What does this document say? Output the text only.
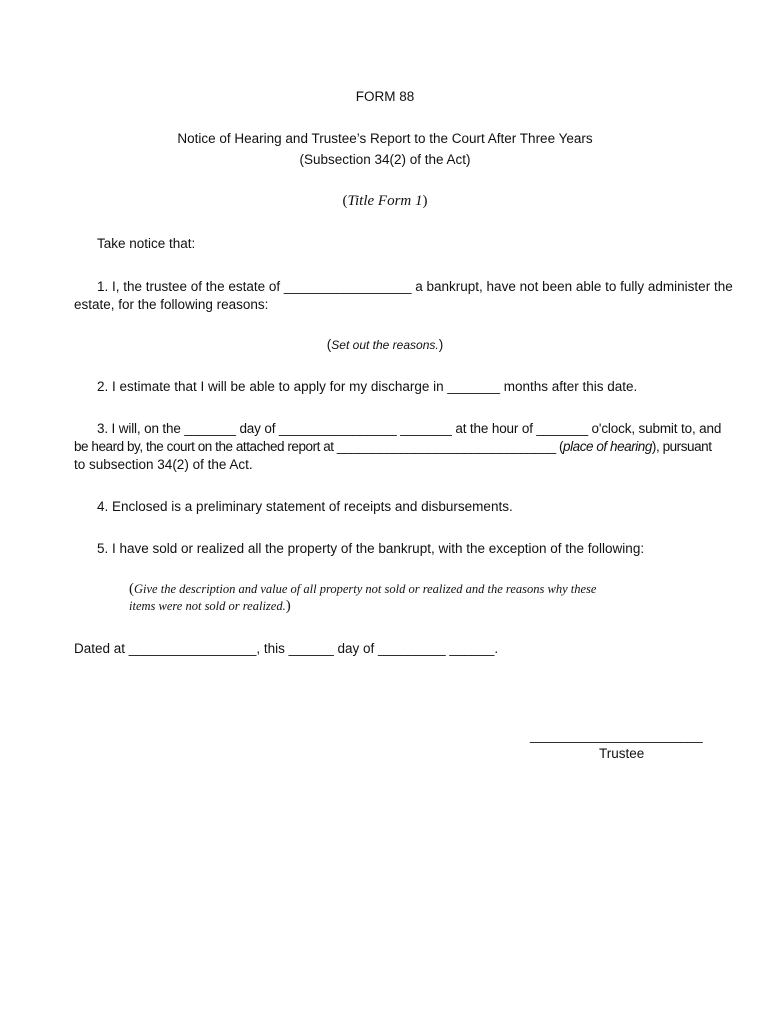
FORM 88
Notice of Hearing and Trustee’s Report to the Court After Three Years
(Subsection 34(2) of the Act)
(Title Form 1)
Take notice that:
1. I, the trustee of the estate of _________________ a bankrupt, have not been able to fully administer the
estate, for the following reasons:
(Set out the reasons.)
2. I estimate that I will be able to apply for my discharge in _______ months after this date.
3. I will, on the _______ day of ________________ _______ at the hour of _______ o'clock, submit to, and
be heard by, the court on the attached report at _______________________________ (place of hearing), pursuant
to subsection 34(2) of the Act.
4. Enclosed is a preliminary statement of receipts and disbursements.
5. I have sold or realized all the property of the bankrupt, with the exception of the following:
(Give the description and value of all property not sold or realized and the reasons why these
items were not sold or realized.)
Dated at _________________, this ______ day of _________ ______.
_______________________
Trustee
